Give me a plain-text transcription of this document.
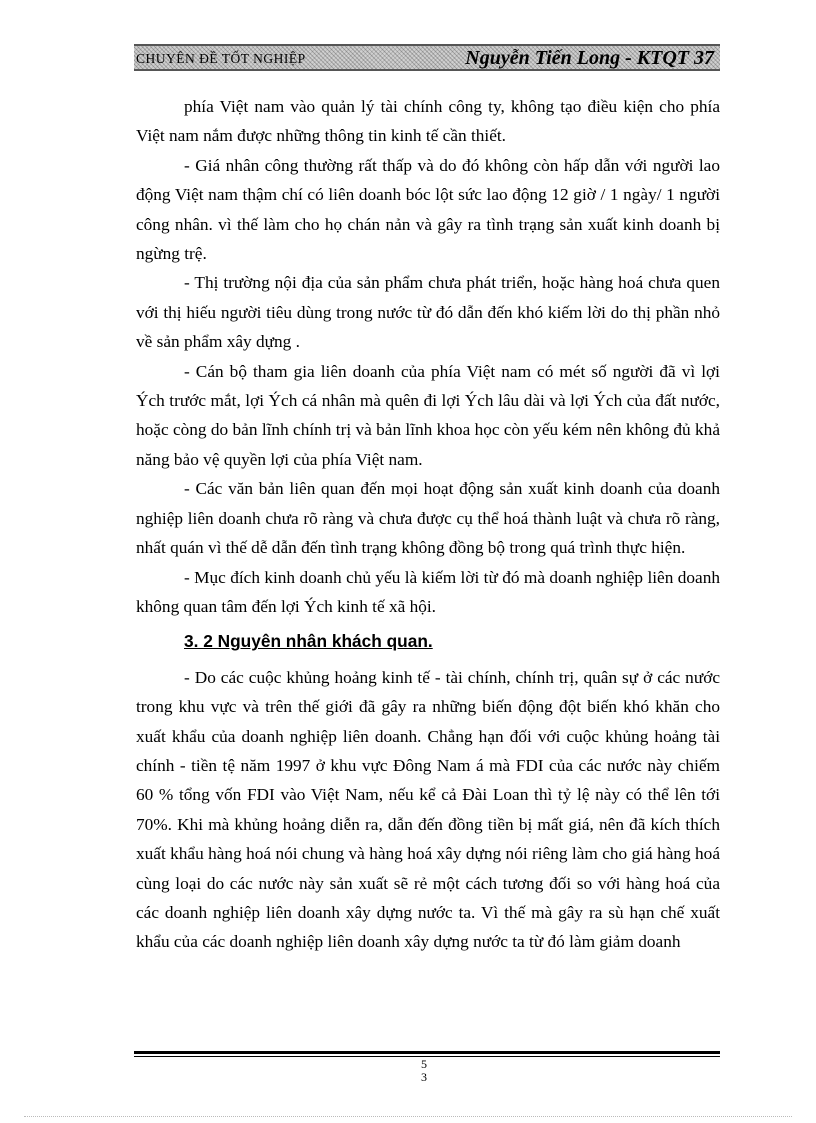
CHUYÊN ĐỀ TỐT NGHIỆP	Nguyễn Tiến Long - KTQT 37

phía Việt nam vào quản lý tài chính công ty, không tạo điều kiện cho phía Việt nam nắm được những thông tin kinh tế cần thiết.

- Giá nhân công thường rất thấp và do đó không còn hấp dẫn với người lao động Việt nam thậm chí có liên doanh bóc lột sức lao động 12 giờ / 1 ngày/ 1 người công nhân. vì thế làm cho họ chán nản và gây ra tình trạng sản xuất kinh doanh bị ngừng trệ.

- Thị trường nội địa của sản phẩm chưa phát triển, hoặc hàng hoá chưa quen với thị hiếu người tiêu dùng trong nước từ đó dẫn đến khó kiếm lời do thị phần nhỏ về sản phẩm xây dựng .

- Cán bộ tham gia liên doanh của phía Việt nam có mét số người đã vì lợi Ých trước mắt, lợi Ých cá nhân mà quên đi lợi Ých lâu dài và lợi Ých của đất nước, hoặc còng do bản lĩnh chính trị và bản lĩnh khoa học còn yếu kém nên không đủ khả năng bảo vệ quyền lợi của phía Việt nam.

- Các văn bản liên quan đến mọi hoạt động sản xuất kinh doanh của doanh nghiệp liên doanh chưa rõ ràng và chưa được cụ thể hoá thành luật và chưa rõ ràng, nhất quán vì thế dễ dẫn đến tình trạng không đồng bộ trong quá trình thực hiện.

- Mục đích kinh doanh chủ yếu là kiếm lời từ đó mà doanh nghiệp liên doanh không quan tâm đến lợi Ých kinh tế xã hội.

3. 2 Nguyên nhân khách quan.

- Do các cuộc khủng hoảng kinh tế - tài chính, chính trị, quân sự ở các nước trong khu vực và trên thế giới đã gây ra những biến động đột biến khó khăn cho xuất khẩu của doanh nghiệp liên doanh. Chẳng hạn đối với cuộc khủng hoảng tài chính - tiền tệ năm 1997 ở khu vực Đông Nam á mà FDI của các nước này chiếm 60 % tổng vốn FDI vào Việt Nam, nếu kể cả Đài Loan thì tỷ lệ này có thể lên tới 70%. Khi mà khủng hoảng diễn ra, dẫn đến đồng tiền bị mất giá, nên đã kích thích xuất khẩu hàng hoá nói chung và hàng hoá xây dựng nói riêng làm cho giá hàng hoá cùng loại do các nước này sản xuất sẽ rẻ một cách tương đối so với hàng hoá của các doanh nghiệp liên doanh xây dựng nước ta. Vì thế mà gây ra sù hạn chế xuất khẩu của các doanh nghiệp liên doanh xây dựng nước ta từ đó làm giảm doanh

5
3
